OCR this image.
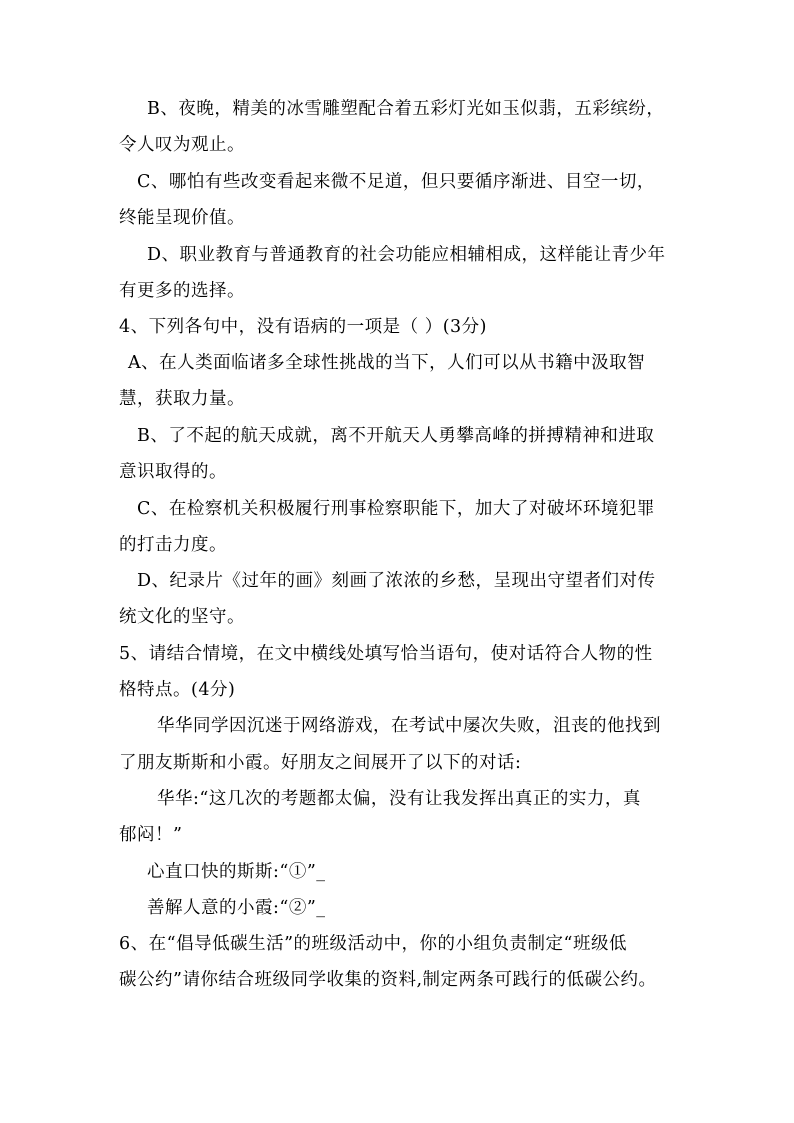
B、夜晚，精美的冰雪雕塑配合着五彩灯光如玉似翡，五彩缤纷，
令人叹为观止。
C、哪怕有些改变看起来微不足道，但只要循序渐进、目空一切，
终能呈现价值。
D、职业教育与普通教育的社会功能应相辅相成，这样能让青少年
有更多的选择。
4、下列各句中，没有语病的一项是（ ）(3分)
A、在人类面临诸多全球性挑战的当下，人们可以从书籍中汲取智
慧，获取力量。
B、了不起的航天成就，离不开航天人勇攀高峰的拼搏精神和进取
意识取得的。
C、在检察机关积极履行刑事检察职能下，加大了对破坏环境犯罪
的打击力度。
D、纪录片《过年的画》刻画了浓浓的乡愁，呈现出守望者们对传
统文化的坚守。
5、请结合情境，在文中横线处填写恰当语句，使对话符合人物的性
格特点。(4分)
华华同学因沉迷于网络游戏，在考试中屡次失败，沮丧的他找到
了朋友斯斯和小霞。好朋友之间展开了以下的对话:
华华:“这几次的考题都太偏，没有让我发挥出真正的实力，真
郁闷！”
心直口快的斯斯:“①”_
善解人意的小霞:“②”_
6、在“倡导低碳生活”的班级活动中，你的小组负责制定“班级低
碳公约”请你结合班级同学收集的资料,制定两条可践行的低碳公约。
